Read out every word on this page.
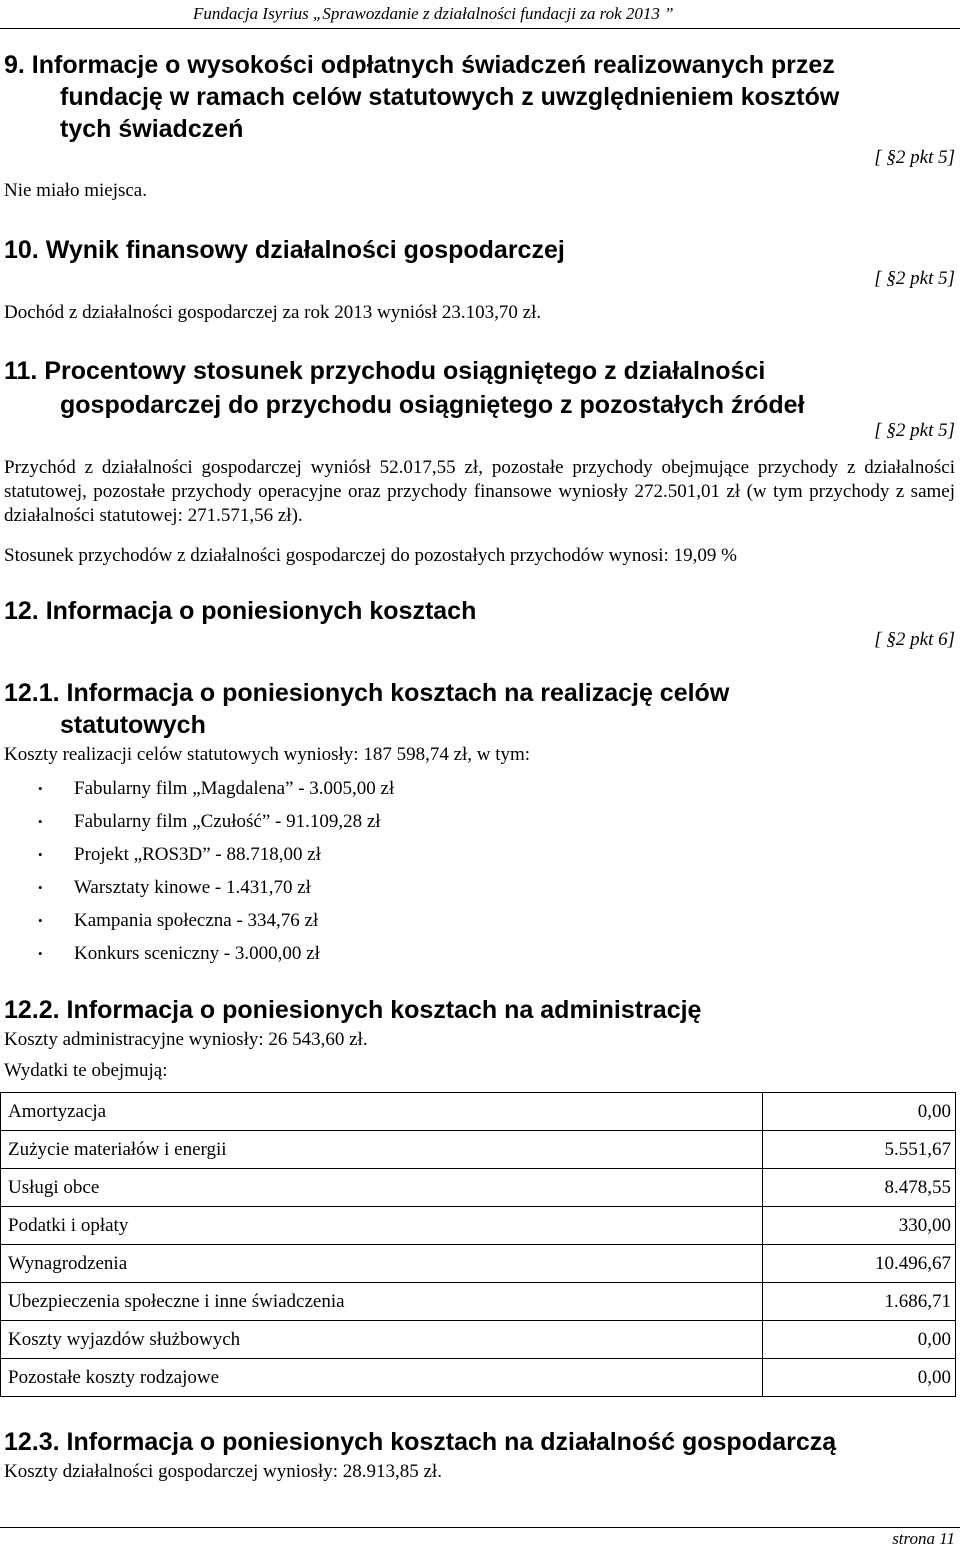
Fundacja Isyrius „Sprawozdanie z działalności fundacji za rok 2013 ”
9. Informacje o wysokości odpłatnych świadczeń realizowanych przez
fundację w ramach celów statutowych z uwzględnieniem kosztów
tych świadczeń
[ §2 pkt 5]
Nie miało miejsca.
10. Wynik finansowy działalności gospodarczej
[ §2 pkt 5]
Dochód z działalności gospodarczej za rok 2013 wyniósł 23.103,70 zł.
11. Procentowy stosunek przychodu osiągniętego z działalności
gospodarczej do przychodu osiągniętego z pozostałych źródeł
[ §2 pkt 5]
Przychód z działalności gospodarczej wyniósł 52.017,55 zł, pozostałe przychody obejmujące przychody z działalności statutowej, pozostałe przychody operacyjne oraz przychody finansowe wyniosły 272.501,01 zł (w tym przychody z samej działalności statutowej: 271.571,56 zł).
Stosunek przychodów z działalności gospodarczej do pozostałych przychodów wynosi: 19,09 %
12. Informacja o poniesionych kosztach
[ §2 pkt 6]
12.1. Informacja o poniesionych kosztach na realizację celów
statutowych
Koszty realizacji celów statutowych wyniosły: 187 598,74 zł, w tym:
• Fabularny film „Magdalena” - 3.005,00 zł
• Fabularny film „Czułość” - 91.109,28 zł
• Projekt „ROS3D” - 88.718,00 zł
• Warsztaty kinowe - 1.431,70 zł
• Kampania społeczna - 334,76 zł
• Konkurs sceniczny - 3.000,00 zł
12.2. Informacja o poniesionych kosztach na administrację
Koszty administracyjne wyniosły: 26 543,60 zł.
Wydatki te obejmują:
Amortyzacja	0,00
Zużycie materiałów i energii	5.551,67
Usługi obce	8.478,55
Podatki i opłaty	330,00
Wynagrodzenia	10.496,67
Ubezpieczenia społeczne i inne świadczenia	1.686,71
Koszty wyjazdów służbowych	0,00
Pozostałe koszty rodzajowe	0,00
12.3. Informacja o poniesionych kosztach na działalność gospodarczą
Koszty działalności gospodarczej wyniosły: 28.913,85 zł.
strona 11
